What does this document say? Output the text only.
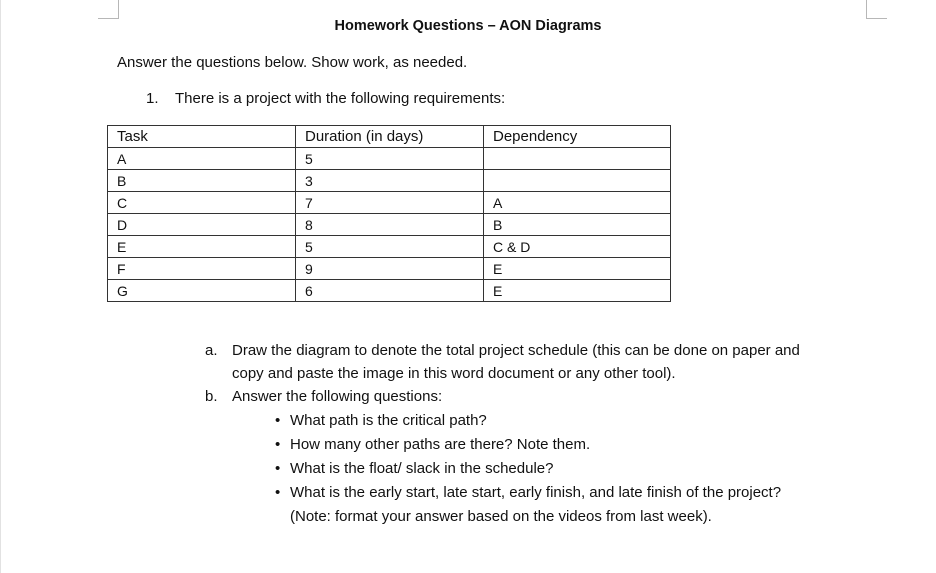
Homework Questions – AON Diagrams
Answer the questions below. Show work, as needed.
1. There is a project with the following requirements:
Task	Duration (in days)	Dependency
A	5	
B	3	
C	7	A
D	8	B
E	5	C & D
F	9	E
G	6	E
a. Draw the diagram to denote the total project schedule (this can be done on paper and
copy and paste the image in this word document or any other tool).
b. Answer the following questions:
• What path is the critical path?
• How many other paths are there? Note them.
• What is the float/ slack in the schedule?
• What is the early start, late start, early finish, and late finish of the project?
(Note: format your answer based on the videos from last week).
